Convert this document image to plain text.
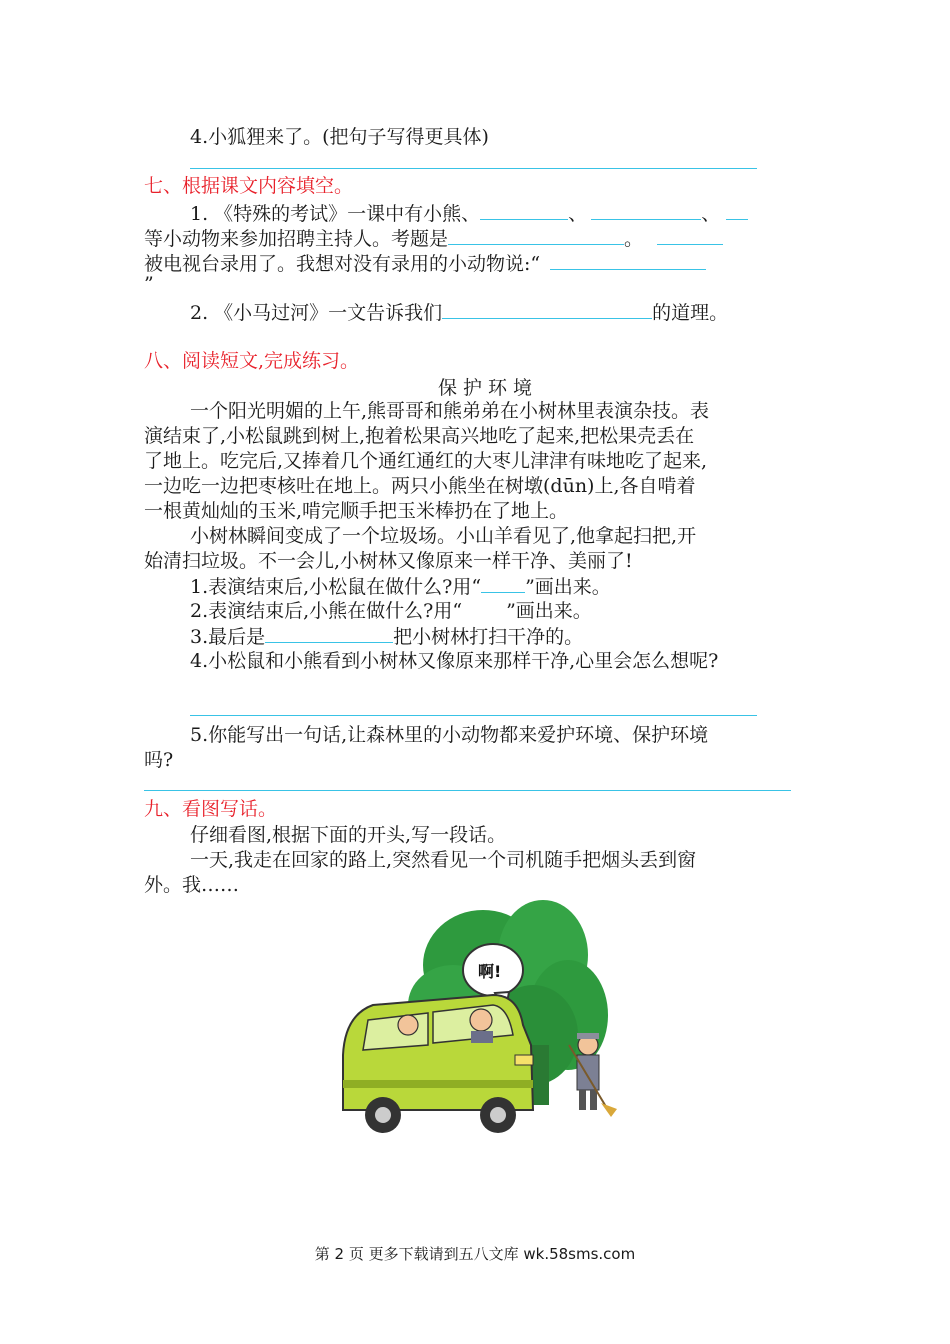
4.小狐狸来了。(把句子写得更具体)
七、根据课文内容填空。
1. 《特殊的考试》一课中有小熊、	、	、
等小动物来参加招聘主持人。考题是	。
被电视台录用了。我想对没有录用的小动物说:“
”
2. 《小马过河》一文告诉我们	的道理。
八、阅读短文,完成练习。
保护环境
一个阳光明媚的上午,熊哥哥和熊弟弟在小树林里表演杂技。表
演结束了,小松鼠跳到树上,抱着松果高兴地吃了起来,把松果壳丢在
了地上。吃完后,又捧着几个通红通红的大枣儿津津有味地吃了起来,
一边吃一边把枣核吐在地上。两只小熊坐在树墩(dūn)上,各自啃着
一根黄灿灿的玉米,啃完顺手把玉米棒扔在了地上。
小树林瞬间变成了一个垃圾场。小山羊看见了,他拿起扫把,开
始清扫垃圾。不一会儿,小树林又像原来一样干净、美丽了!
1.表演结束后,小松鼠在做什么?用“ ”画出来。
2.表演结束后,小熊在做什么?用“ ”画出来。
3.最后是	把小树林打扫干净的。
4.小松鼠和小熊看到小树林又像原来那样干净,心里会怎么想呢?
5.你能写出一句话,让森林里的小动物都来爱护环境、保护环境
吗?
九、看图写话。
仔细看图,根据下面的开头,写一段话。
一天,我走在回家的路上,突然看见一个司机随手把烟头丢到窗
外。我……
啊!
第 2 页 更多下载请到五八文库 wk.58sms.com
